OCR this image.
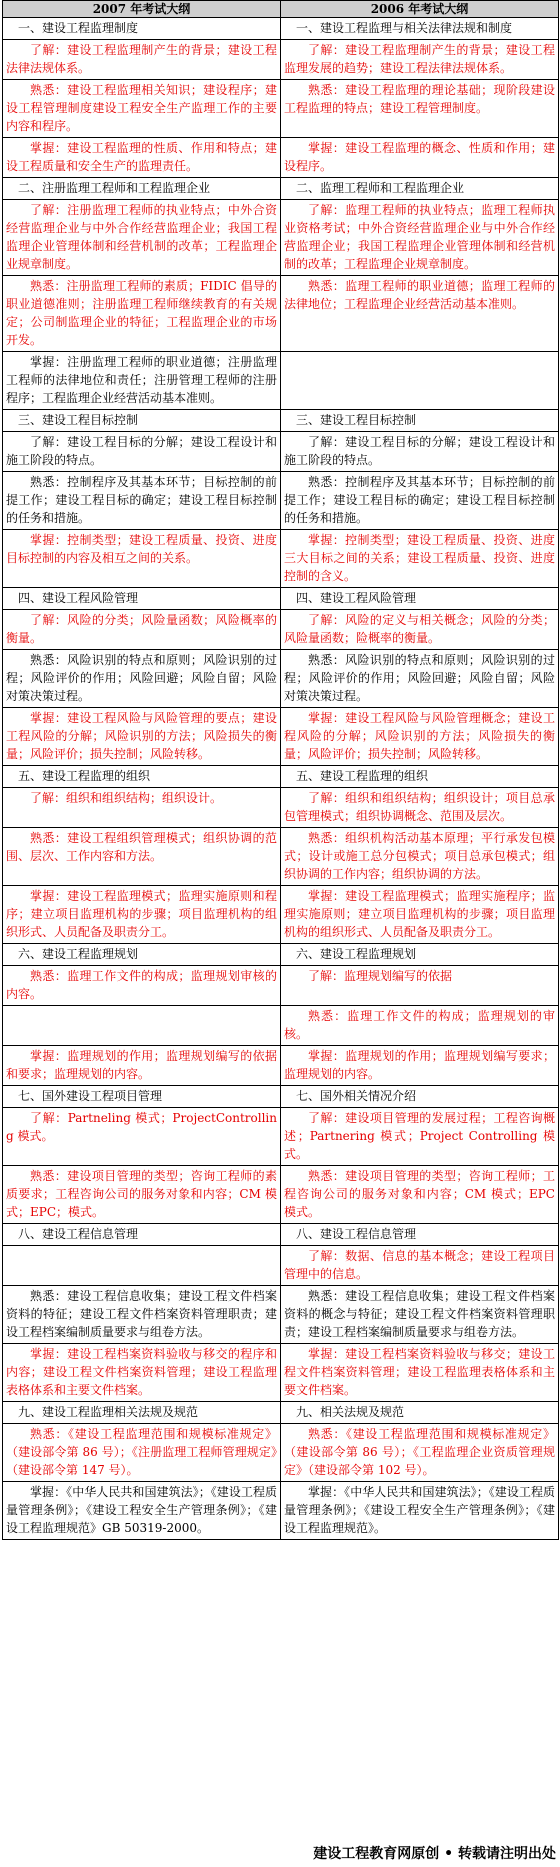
2007 年考试大纲	2006 年考试大纲

一、建设工程监理制度	一、建设工程监理与相关法律法规和制度

了解：建设工程监理制产生的背景；建设工程法律法规体系。	了解：建设工程监理制产生的背景；建设工程监理发展的趋势；建设工程法律法规体系。

熟悉：建设工程监理相关知识；建设程序；建设工程管理制度建设工程安全生产监理工作的主要内容和程序。	熟悉：建设工程监理的理论基础；现阶段建设工程监理的特点；建设工程管理制度。

掌握：建设工程监理的性质、作用和特点；建设工程质量和安全生产的监理责任。	掌握：建设工程监理的概念、性质和作用；建设程序。

二、注册监理工程师和工程监理企业	二、监理工程师和工程监理企业

了解：注册监理工程师的执业特点；中外合资经营监理企业与中外合作经营监理企业；我国工程监理企业管理体制和经营机制的改革；工程监理企业规章制度。	了解：监理工程师的执业特点；监理工程师执业资格考试；中外合资经营监理企业与中外合作经营监理企业；我国工程监理企业管理体制和经营机制的改革；工程监理企业规章制度。

熟悉：注册监理工程师的素质；FIDIC 倡导的职业道德准则；注册监理工程师继续教育的有关规定；公司制监理企业的特征；工程监理企业的市场开发。	熟悉：监理工程师的职业道德；监理工程师的法律地位；工程监理企业经营活动基本准则。

掌握：注册监理工程师的职业道德；注册监理工程师的法律地位和责任；注册管理工程师的注册程序；工程监理企业经营活动基本准则。	

三、建设工程目标控制	三、建设工程目标控制

了解：建设工程目标的分解；建设工程设计和施工阶段的特点。	了解：建设工程目标的分解；建设工程设计和施工阶段的特点。

熟悉：控制程序及其基本环节；目标控制的前提工作；建设工程目标的确定；建设工程目标控制的任务和措施。	熟悉：控制程序及其基本环节；目标控制的前提工作；建设工程目标的确定；建设工程目标控制的任务和措施。

掌握：控制类型；建设工程质量、投资、进度目标控制的内容及相互之间的关系。	掌握：控制类型；建设工程质量、投资、进度三大目标之间的关系；建设工程质量、投资、进度控制的含义。

四、建设工程风险管理	四、建设工程风险管理

了解：风险的分类；风险量函数；风险概率的衡量。	了解：风险的定义与相关概念；风险的分类；风险量函数；险概率的衡量。

熟悉：风险识别的特点和原则；风险识别的过程；风险评价的作用；风险回避；风险自留；风险对策决策过程。	熟悉：风险识别的特点和原则；风险识别的过程；风险评价的作用；风险回避；风险自留；风险对策决策过程。

掌握：建设工程风险与风险管理的要点；建设工程风险的分解；风险识别的方法；风险损失的衡量；风险评价；损失控制；风险转移。	掌握：建设工程风险与风险管理概念；建设工程风险的分解；风险识别的方法；风险损失的衡量；风险评价；损失控制；风险转移。

五、建设工程监理的组织	五、建设工程监理的组织

了解：组织和组织结构；组织设计。	了解：组织和组织结构；组织设计；项目总承包管理模式；组织协调概念、范围及层次。

熟悉：建设工程组织管理模式；组织协调的范围、层次、工作内容和方法。	熟悉：组织机构活动基本原理；平行承发包模式；设计或施工总分包模式；项目总承包模式；组织协调的工作内容；组织协调的方法。

掌握：建设工程监理模式；监理实施原则和程序；建立项目监理机构的步骤；项目监理机构的组织形式、人员配备及职责分工。	掌握：建设工程监理模式；监理实施程序；监理实施原则；建立项目监理机构的步骤；项目监理机构的组织形式、人员配备及职责分工。

六、建设工程监理规划	六、建设工程监理规划

熟悉：监理工作文件的构成；监理规划审核的内容。	了解：监理规划编写的依据

	熟悉：监理工作文件的构成；监理规划的审核。

掌握：监理规划的作用；监理规划编写的依据和要求；监理规划的内容。	掌握：监理规划的作用；监理规划编写要求；监理规划的内容。

七、国外建设工程项目管理	七、国外相关情况介绍

了解：Partneling 模式；ProjectControlling 模式。	了解：建设项目管理的发展过程；工程咨询概述；Partnering 模式；Project Controlling 模式。

熟悉：建设项目管理的类型；咨询工程师的素质要求；工程咨询公司的服务对象和内容；CM 模式；EPC；模式。	熟悉：建设项目管理的类型；咨询工程师；工程咨询公司的服务对象和内容；CM 模式；EPC 模式。

八、建设工程信息管理	八、建设工程信息管理

	了解：数据、信息的基本概念；建设工程项目管理中的信息。

熟悉：建设工程信息收集；建设工程文件档案资料的特征；建设工程文件档案资料管理职责；建设工程档案编制质量要求与组卷方法。	熟悉：建设工程信息收集；建设工程文件档案资料的概念与特征；建设工程文件档案资料管理职责；建设工程档案编制质量要求与组卷方法。

掌握：建设工程档案资料验收与移交的程序和内容；建设工程文件档案资料管理；建设工程监理表格体系和主要文件档案。	掌握：建设工程档案资料验收与移交；建设工程文件档案资料管理；建设工程监理表格体系和主要文件档案。

九、建设工程监理相关法规及规范	九、相关法规及规范

熟悉：《建设工程监理范围和规模标准规定》（建设部令第 86 号）；《注册监理工程师管理规定》（建设部令第 147 号）。	熟悉：《建设工程监理范围和规模标准规定》（建设部令第 86 号）；《工程监理企业资质管理规定》（建设部令第 102 号）。

掌握：《中华人民共和国建筑法》；《建设工程质量管理条例》；《建设工程安全生产管理条例》；《建设工程监理规范》GB 50319-2000。	掌握：《中华人民共和国建筑法》；《建设工程质量管理条例》；《建设工程安全生产管理条例》；《建设工程监理规范》。

建设工程教育网原创 • 转载请注明出处
